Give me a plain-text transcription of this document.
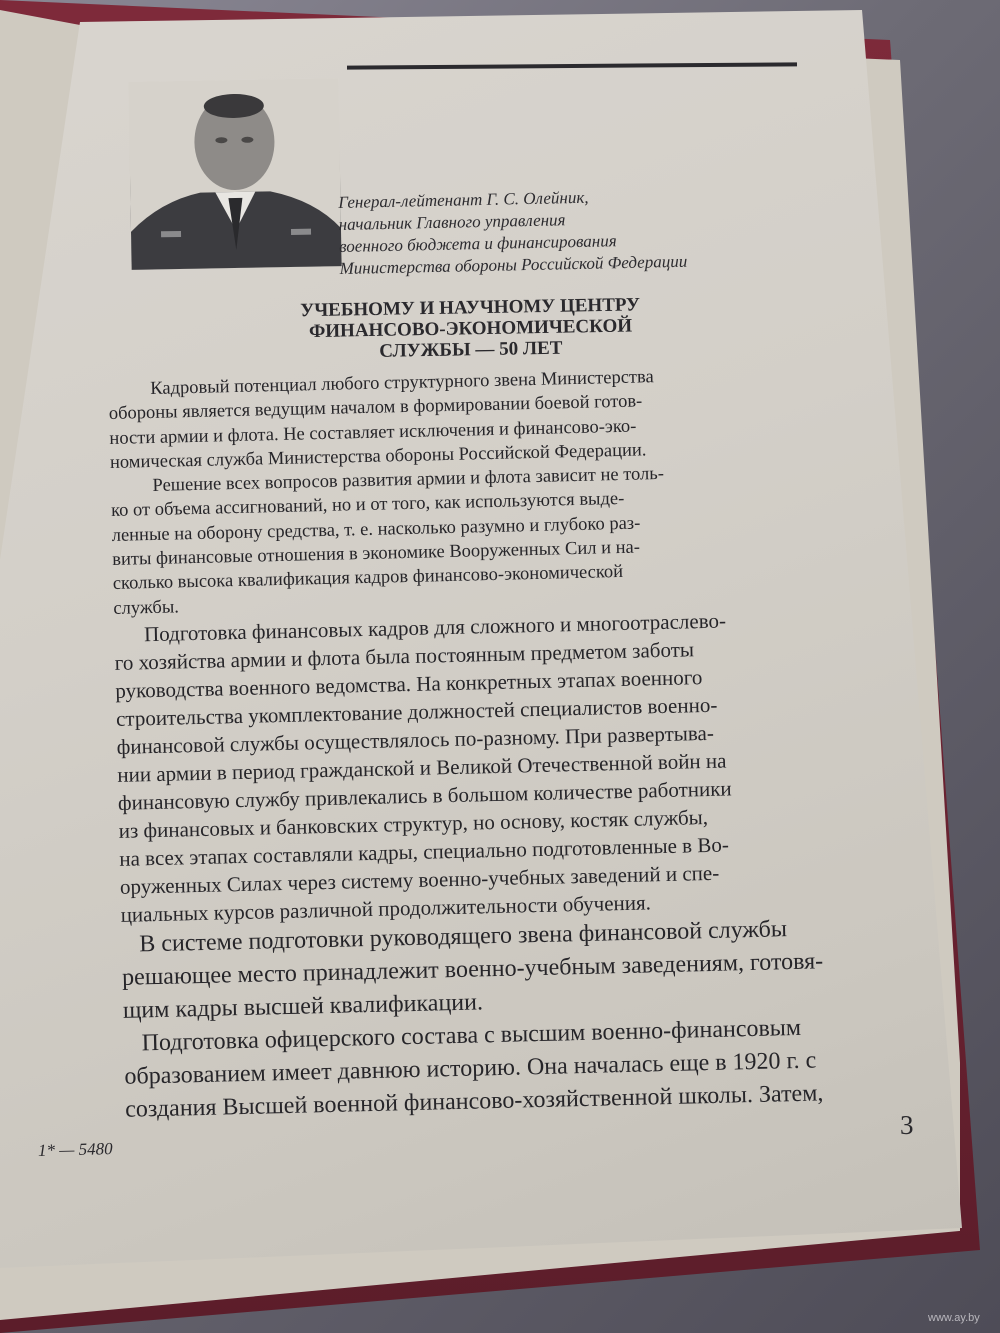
Генерал-лейтенант Г. С. Олейник,
начальник Главного управления
военного бюджета и финансирования
Министерства обороны Российской Федерации
УЧЕБНОМУ И НАУЧНОМУ ЦЕНТРУ
ФИНАНСОВО-ЭКОНОМИЧЕСКОЙ
СЛУЖБЫ — 50 ЛЕТ
Кадровый потенциал любого структурного звена Министерства
обороны является ведущим началом в формировании боевой готов-
ности армии и флота. Не составляет исключения и финансово-эко-
номическая служба Министерства обороны Российской Федерации.
Решение всех вопросов развития армии и флота зависит не толь-
ко от объема ассигнований, но и от того, как используются выде-
ленные на оборону средства, т. е. насколько разумно и глубоко раз-
виты финансовые отношения в экономике Вооруженных Сил и на-
сколько высока квалификация кадров финансово-экономической
службы.
Подготовка финансовых кадров для сложного и многоотраслево-
го хозяйства армии и флота была постоянным предметом заботы
руководства военного ведомства. На конкретных этапах военного
строительства укомплектование должностей специалистов военно-
финансовой службы осуществлялось по-разному. При развертыва-
нии армии в период гражданской и Великой Отечественной войн на
финансовую службу привлекались в большом количестве работники
из финансовых и банковских структур, но основу, костяк службы,
на всех этапах составляли кадры, специально подготовленные в Во-
оруженных Силах через систему военно-учебных заведений и спе-
циальных курсов различной продолжительности обучения.
В системе подготовки руководящего звена финансовой службы
решающее место принадлежит военно-учебным заведениям, готовя-
щим кадры высшей квалификации.
Подготовка офицерского состава с высшим военно-финансовым
образованием имеет давнюю историю. Она началась еще в 1920 г. с
создания Высшей военной финансово-хозяйственной школы. Затем,
1* — 5480
3
www.ay.by
